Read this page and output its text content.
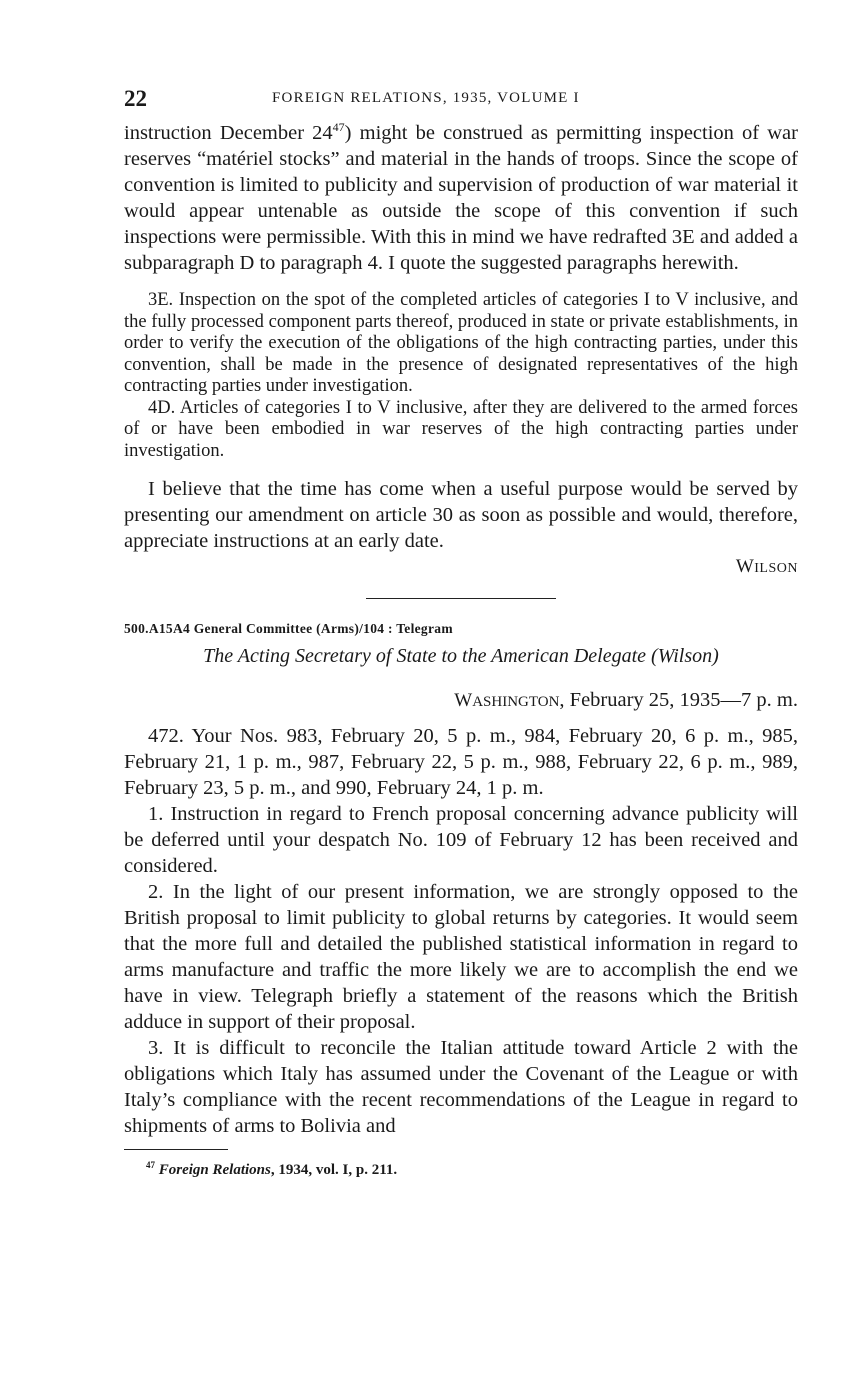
22	FOREIGN RELATIONS, 1935, VOLUME I

instruction December 24$^{47}$) might be construed as permitting inspection of war reserves “matériel stocks” and material in the hands of troops. Since the scope of convention is limited to publicity and supervision of production of war material it would appear untenable as outside the scope of this convention if such inspections were permissible. With this in mind we have redrafted 3E and added a subparagraph D to paragraph 4. I quote the suggested paragraphs herewith.

3E. Inspection on the spot of the completed articles of categories I to V inclusive, and the fully processed component parts thereof, produced in state or private establishments, in order to verify the execution of the obligations of the high contracting parties, under this convention, shall be made in the presence of designated representatives of the high contracting parties under investigation.

4D. Articles of categories I to V inclusive, after they are delivered to the armed forces of or have been embodied in war reserves of the high contracting parties under investigation.

I believe that the time has come when a useful purpose would be served by presenting our amendment on article 30 as soon as possible and would, therefore, appreciate instructions at an early date.

WILSON
500.A15A4 General Committee (Arms)/104 : Telegram
The Acting Secretary of State to the American Delegate (Wilson)
WASHINGTON, February 25, 1935—7 p. m.

472. Your Nos. 983, February 20, 5 p. m., 984, February 20, 6 p. m., 985, February 21, 1 p. m., 987, February 22, 5 p. m., 988, February 22, 6 p. m., 989, February 23, 5 p. m., and 990, February 24, 1 p. m.

1. Instruction in regard to French proposal concerning advance publicity will be deferred until your despatch No. 109 of February 12 has been received and considered.

2. In the light of our present information, we are strongly opposed to the British proposal to limit publicity to global returns by categories. It would seem that the more full and detailed the published statistical information in regard to arms manufacture and traffic the more likely we are to accomplish the end we have in view. Telegraph briefly a statement of the reasons which the British adduce in support of their proposal.

3. It is difficult to reconcile the Italian attitude toward Article 2 with the obligations which Italy has assumed under the Covenant of the League or with Italy’s compliance with the recent recommendations of the League in regard to shipments of arms to Bolivia and

$^{47}$ Foreign Relations, 1934, vol. I, p. 211.
